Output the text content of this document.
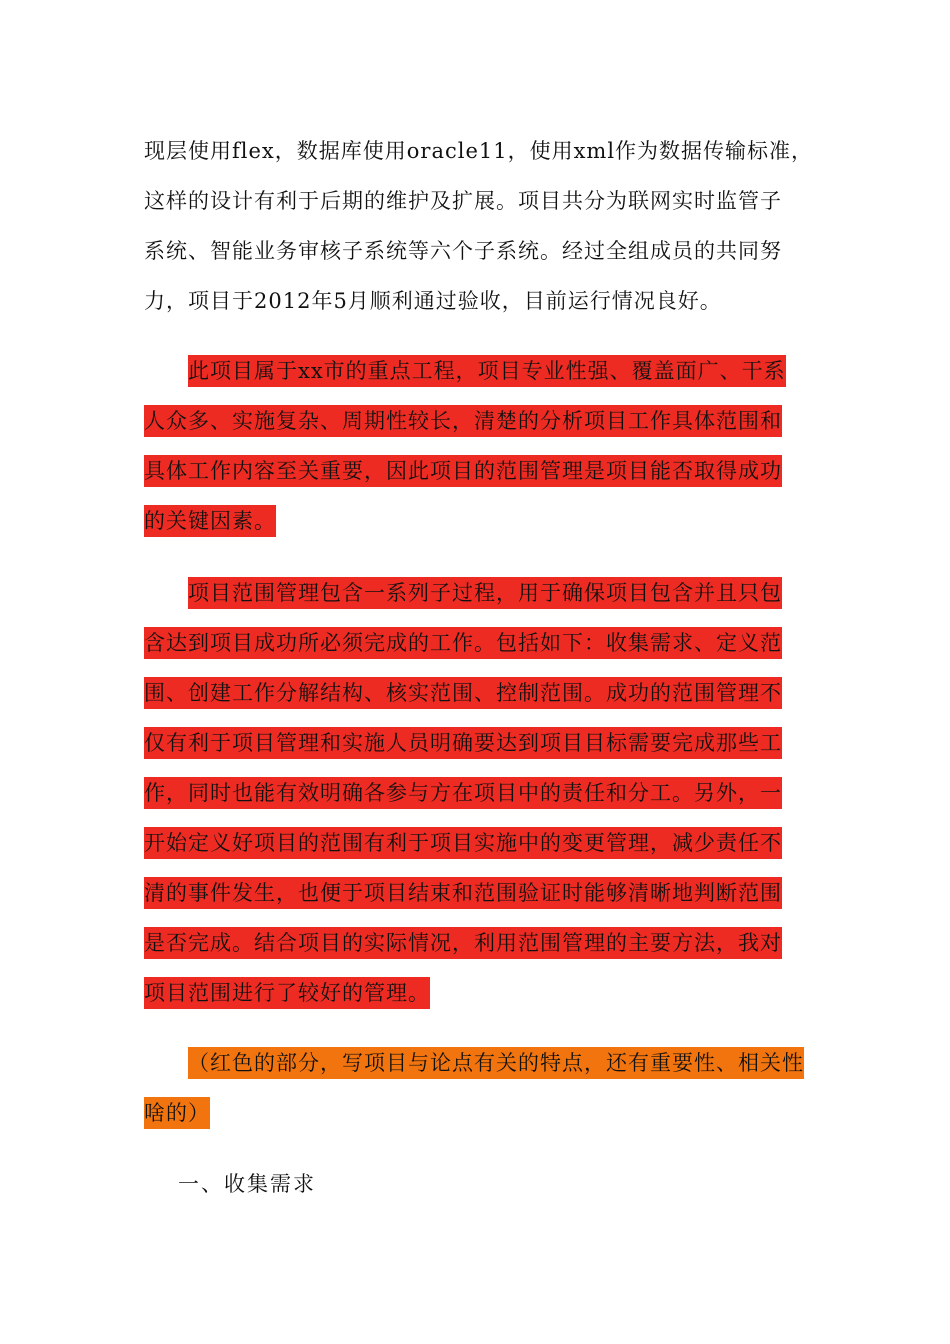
现层使用flex，数据库使用oracle11，使用xml作为数据传输标准，
这样的设计有利于后期的维护及扩展。项目共分为联网实时监管子
系统、智能业务审核子系统等六个子系统。经过全组成员的共同努
力，项目于2012年5月顺利通过验收，目前运行情况良好。
此项目属于xx市的重点工程，项目专业性强、覆盖面广、干系
人众多、实施复杂、周期性较长，清楚的分析项目工作具体范围和
具体工作内容至关重要，因此项目的范围管理是项目能否取得成功
的关键因素。
项目范围管理包含一系列子过程，用于确保项目包含并且只包
含达到项目成功所必须完成的工作。包括如下：收集需求、定义范
围、创建工作分解结构、核实范围、控制范围。成功的范围管理不
仅有利于项目管理和实施人员明确要达到项目目标需要完成那些工
作，同时也能有效明确各参与方在项目中的责任和分工。另外，一
开始定义好项目的范围有利于项目实施中的变更管理，减少责任不
清的事件发生，也便于项目结束和范围验证时能够清晰地判断范围
是否完成。结合项目的实际情况，利用范围管理的主要方法，我对
项目范围进行了较好的管理。
（红色的部分，写项目与论点有关的特点，还有重要性、相关性
啥的）

一、收集需求
